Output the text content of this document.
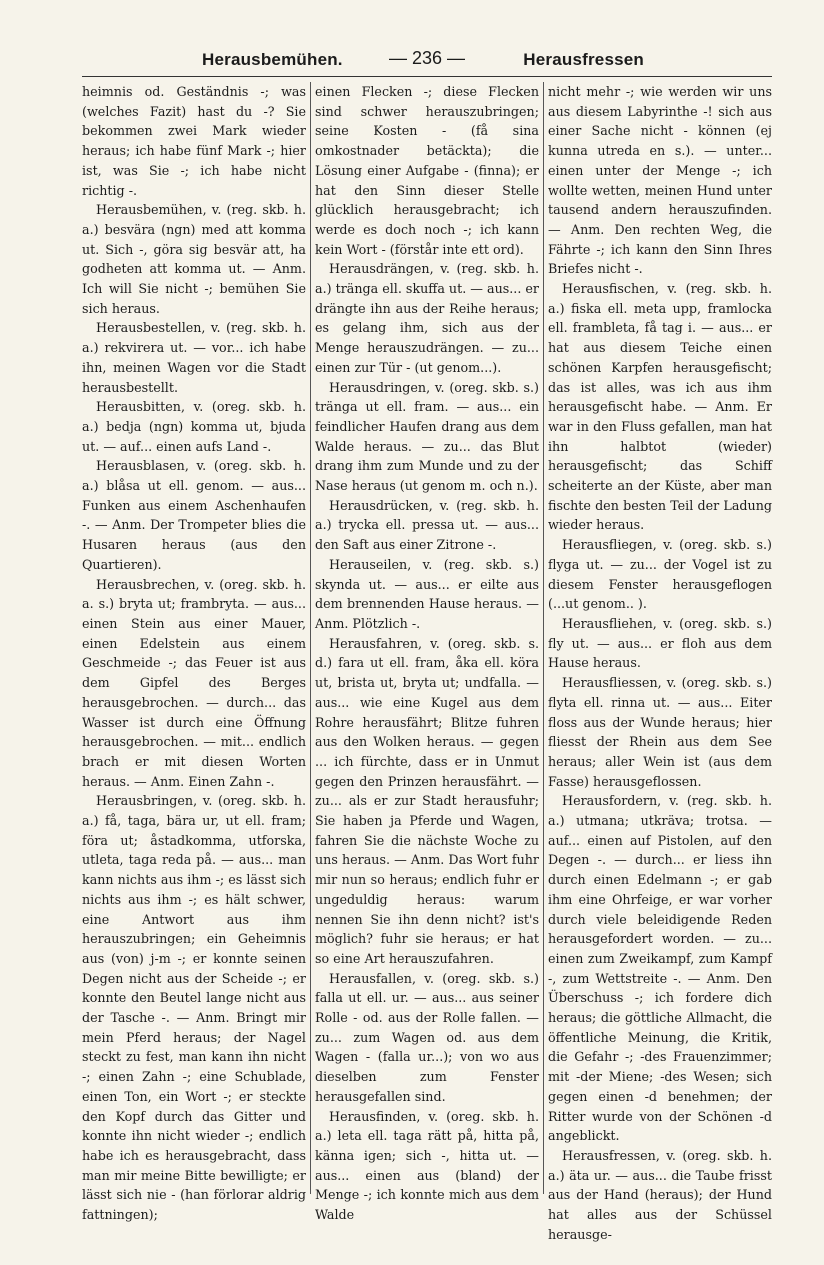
Herausbemühen.	— 236 —	Herausfressen

heimnis od. Geständnis -; was (welches Fazit) hast du -? Sie bekommen zwei Mark wieder heraus; ich habe fünf Mark -; hier ist, was Sie -; ich habe nicht richtig -.

Herausbemühen, v. (reg. skb. h. a.) besvära (ngn) med att komma ut. Sich -, göra sig besvär att, ha godheten att komma ut. — Anm. Ich will Sie nicht -; bemühen Sie sich heraus.

Herausbestellen, v. (reg. skb. h. a.) rekvirera ut. — vor... ich habe ihn, meinen Wagen vor die Stadt herausbestellt.

Herausbitten, v. (oreg. skb. h. a.) bedja (ngn) komma ut, bjuda ut. — auf... einen aufs Land -.

Herausblasen, v. (oreg. skb. h. a.) blåsa ut ell. genom. — aus... Funken aus einem Aschenhaufen -. — Anm. Der Trompeter blies die Husaren heraus (aus den Quartieren).

Herausbrechen, v. (oreg. skb. h. a. s.) bryta ut; frambryta. — aus... einen Stein aus einer Mauer, einen Edelstein aus einem Geschmeide -; das Feuer ist aus dem Gipfel des Berges herausgebrochen. — durch... das Wasser ist durch eine Öffnung herausgebrochen. — mit... endlich brach er mit diesen Worten heraus. — Anm. Einen Zahn -.

Herausbringen, v. (oreg. skb. h. a.) få, taga, bära ur, ut ell. fram; föra ut; åstadkomma, utforska, utleta, taga reda på. — aus... man kann nichts aus ihm -; es lässt sich nichts aus ihm -; es hält schwer, eine Antwort aus ihm herauszubringen; ein Geheimnis aus (von) j-m -; er konnte seinen Degen nicht aus der Scheide -; er konnte den Beutel lange nicht aus der Tasche -. — Anm. Bringt mir mein Pferd heraus; der Nagel steckt zu fest, man kann ihn nicht -; einen Zahn -; eine Schublade, einen Ton, ein Wort -; er steckte den Kopf durch das Gitter und konnte ihn nicht wieder -; endlich habe ich es herausgebracht, dass man mir meine Bitte bewilligte; er lässt sich nie - (han förlorar aldrig fattningen);

einen Flecken -; diese Flecken sind schwer herauszubringen; seine Kosten - (få sina omkostnader betäckta); die Lösung einer Aufgabe - (finna); er hat den Sinn dieser Stelle glücklich herausgebracht; ich werde es doch noch -; ich kann kein Wort - (förstår inte ett ord).

Herausdrängen, v. (reg. skb. h. a.) tränga ell. skuffa ut. — aus... er drängte ihn aus der Reihe heraus; es gelang ihm, sich aus der Menge herauszudrängen. — zu... einen zur Tür - (ut genom...).

Herausdringen, v. (oreg. skb. s.) tränga ut ell. fram. — aus... ein feindlicher Haufen drang aus dem Walde heraus. — zu... das Blut drang ihm zum Munde und zu der Nase heraus (ut genom m. och n.).

Herausdrücken, v. (reg. skb. h. a.) trycka ell. pressa ut. — aus... den Saft aus einer Zitrone -.

Herauseilen, v. (reg. skb. s.) skynda ut. — aus... er eilte aus dem brennenden Hause heraus. — Anm. Plötzlich -.

Herausfahren, v. (oreg. skb. s. d.) fara ut ell. fram, åka ell. köra ut, brista ut, bryta ut; undfalla. — aus... wie eine Kugel aus dem Rohre herausfährt; Blitze fuhren aus den Wolken heraus. — gegen ... ich fürchte, dass er in Unmut gegen den Prinzen herausfährt. — zu... als er zur Stadt herausfuhr; Sie haben ja Pferde und Wagen, fahren Sie die nächste Woche zu uns heraus. — Anm. Das Wort fuhr mir nun so heraus; endlich fuhr er ungeduldig heraus: warum nennen Sie ihn denn nicht? ist's möglich? fuhr sie heraus; er hat so eine Art herauszufahren.

Herausfallen, v. (oreg. skb. s.) falla ut ell. ur. — aus... aus seiner Rolle - od. aus der Rolle fallen. — zu... zum Wagen od. aus dem Wagen - (falla ur...); von wo aus dieselben zum Fenster herausgefallen sind.

Herausfinden, v. (oreg. skb. h. a.) leta ell. taga rätt på, hitta på, känna igen; sich -, hitta ut. — aus... einen aus (bland) der Menge -; ich konnte mich aus dem Walde

nicht mehr -; wie werden wir uns aus diesem Labyrinthe -! sich aus einer Sache nicht - können (ej kunna utreda en s.). — unter... einen unter der Menge -; ich wollte wetten, meinen Hund unter tausend andern herauszufinden. — Anm. Den rechten Weg, die Fährte -; ich kann den Sinn Ihres Briefes nicht -.

Herausfischen, v. (reg. skb. h. a.) fiska ell. meta upp, framlocka ell. frambleta, få tag i. — aus... er hat aus diesem Teiche einen schönen Karpfen herausgefischt; das ist alles, was ich aus ihm herausgefischt habe. — Anm. Er war in den Fluss gefallen, man hat ihn halbtot (wieder) herausgefischt; das Schiff scheiterte an der Küste, aber man fischte den besten Teil der Ladung wieder heraus.

Herausfliegen, v. (oreg. skb. s.) flyga ut. — zu... der Vogel ist zu diesem Fenster herausgeflogen (...ut genom.. ).

Herausfliehen, v. (oreg. skb. s.) fly ut. — aus... er floh aus dem Hause heraus.

Herausfliessen, v. (oreg. skb. s.) flyta ell. rinna ut. — aus... Eiter floss aus der Wunde heraus; hier fliesst der Rhein aus dem See heraus; aller Wein ist (aus dem Fasse) herausgeflossen.

Herausfordern, v. (reg. skb. h. a.) utmana; utkräva; trotsa. — auf... einen auf Pistolen, auf den Degen -. — durch... er liess ihn durch einen Edelmann -; er gab ihm eine Ohrfeige, er war vorher durch viele beleidigende Reden herausgefordert worden. — zu... einen zum Zweikampf, zum Kampf -, zum Wettstreite -. — Anm. Den Überschuss -; ich fordere dich heraus; die göttliche Allmacht, die öffentliche Meinung, die Kritik, die Gefahr -; -des Frauenzimmer; mit -der Miene; -des Wesen; sich gegen einen -d benehmen; der Ritter wurde von der Schönen -d angeblickt.

Herausfressen, v. (oreg. skb. h. a.) äta ur. — aus... die Taube frisst aus der Hand (heraus); der Hund hat alles aus der Schüssel herausge-
